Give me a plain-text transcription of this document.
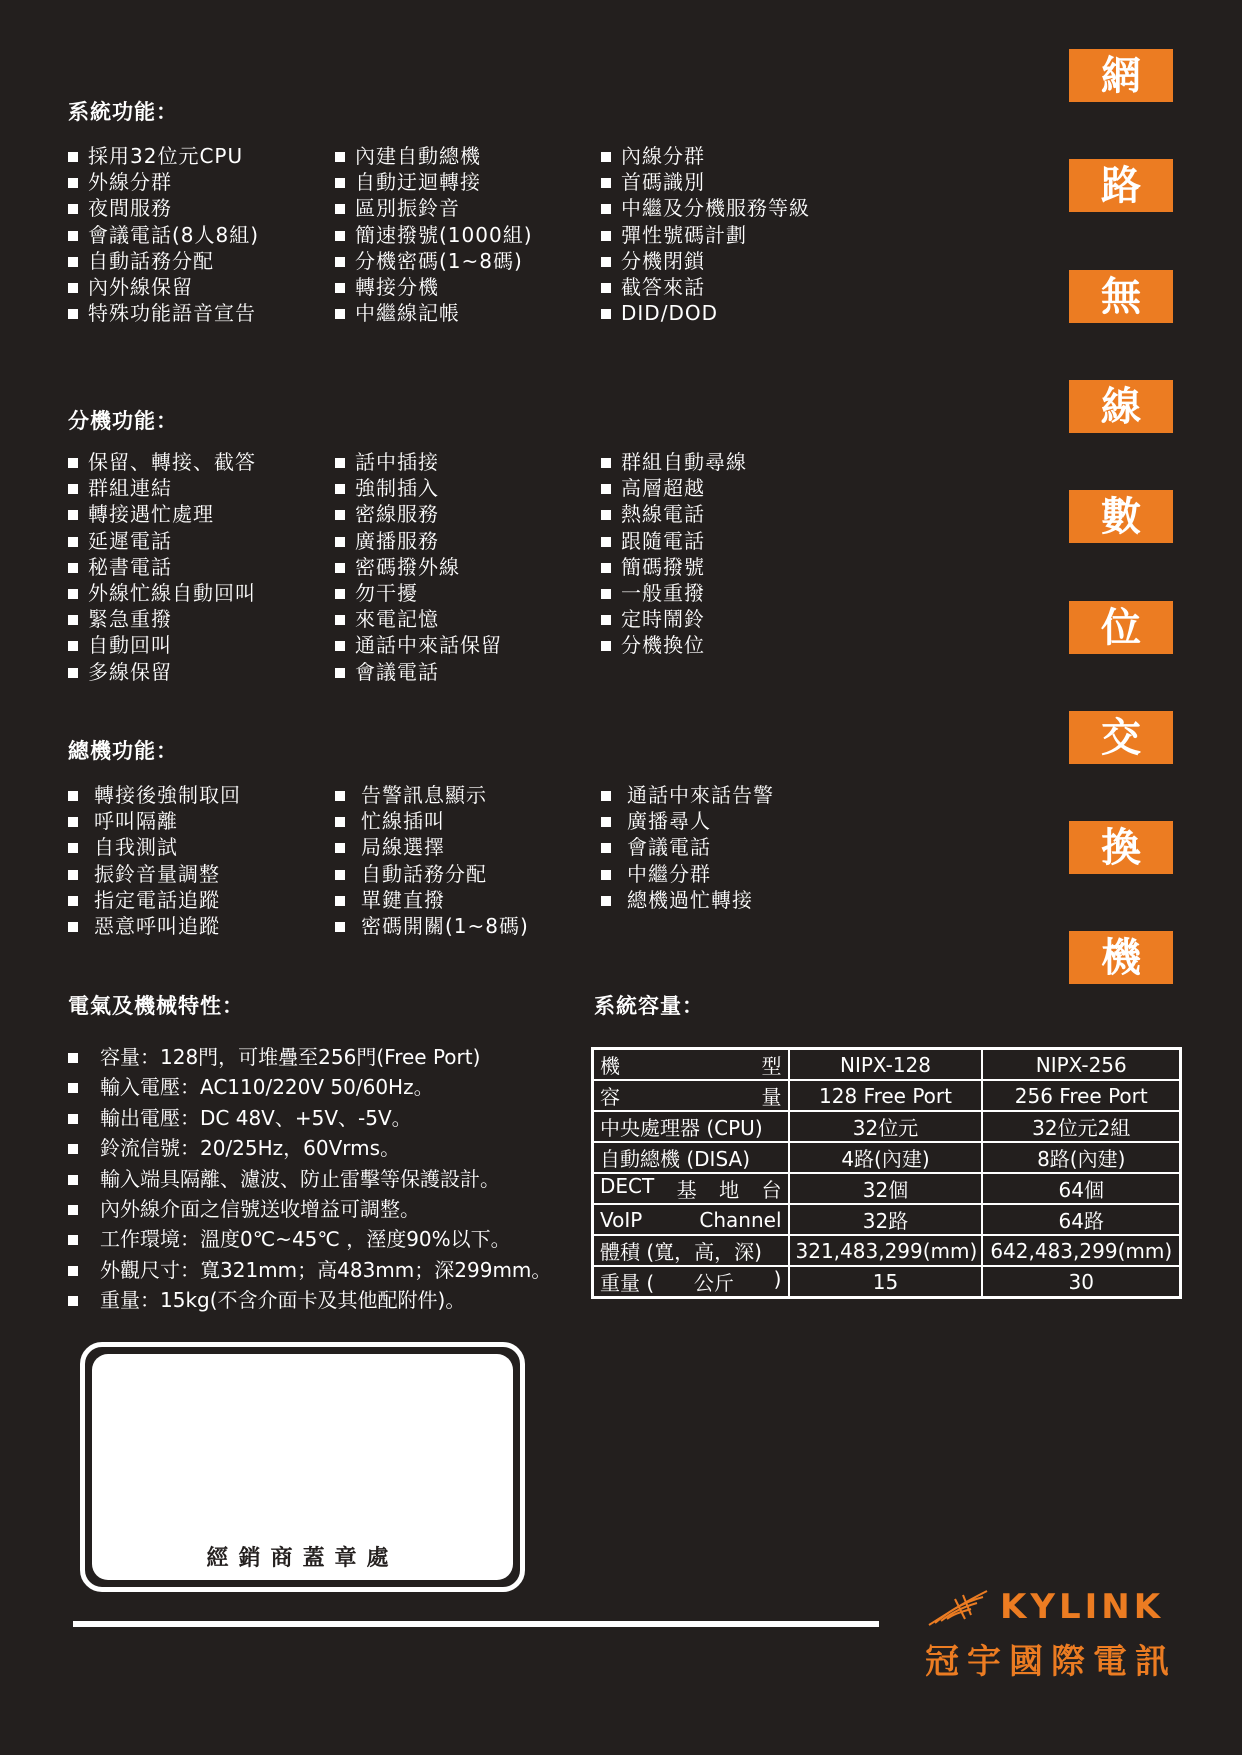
系統功能：
採用32位元CPU
外線分群
夜間服務
會議電話(8人8組)
自動話務分配
內外線保留
特殊功能語音宣告
內建自動總機
自動迂迴轉接
區別振鈴音
簡速撥號(1000組)
分機密碼(1~8碼)
轉接分機
中繼線記帳
內線分群
首碼識別
中繼及分機服務等級
彈性號碼計劃
分機閉鎖
截答來話
DID/DOD
分機功能：
保留、轉接、截答
群組連結
轉接遇忙處理
延遲電話
秘書電話
外線忙線自動回叫
緊急重撥
自動回叫
多線保留
話中插接
強制插入
密線服務
廣播服務
密碼撥外線
勿干擾
來電記憶
通話中來話保留
會議電話
群組自動尋線
高層超越
熱線電話
跟隨電話
簡碼撥號
一般重撥
定時鬧鈴
分機換位
總機功能：
轉接後強制取回
呼叫隔離
自我測試
振鈴音量調整
指定電話追蹤
惡意呼叫追蹤
告警訊息顯示
忙線插叫
局線選擇
自動話務分配
單鍵直撥
密碼開關(1~8碼)
通話中來話告警
廣播尋人
會議電話
中繼分群
總機過忙轉接
電氣及機械特性：
容量：128門，可堆疊至256門(Free Port)
輸入電壓：AC110/220V 50/60Hz。
輸出電壓：DC 48V、+5V、-5V。
鈴流信號：20/25Hz，60Vrms。
輸入端具隔離、濾波、防止雷擊等保護設計。
內外線介面之信號送收增益可調整。
工作環境：溫度0℃~45℃ ，溼度90%以下。
外觀尺寸：寬321mm；高483mm；深299mm。
重量：15kg(不含介面卡及其他配附件)。
系統容量：
機 型	NIPX-128	NIPX-256

容 量	128 Free Port	256 Free Port

中央處理器 (CPU)	32位元	32位元2組

自動總機 (DISA)	4路(內建)	8路(內建)

DECT 基 地 台	32個	64個

VoIP Channel	32路	64路

體積 (寬，高，深)	321,483,299(mm)	642,483,299(mm)

重量 ( 公斤 )	15	30
網
路
無
線
數
位
交
換
機
經銷商蓋章處
KYLINK
冠宇國際電訊
